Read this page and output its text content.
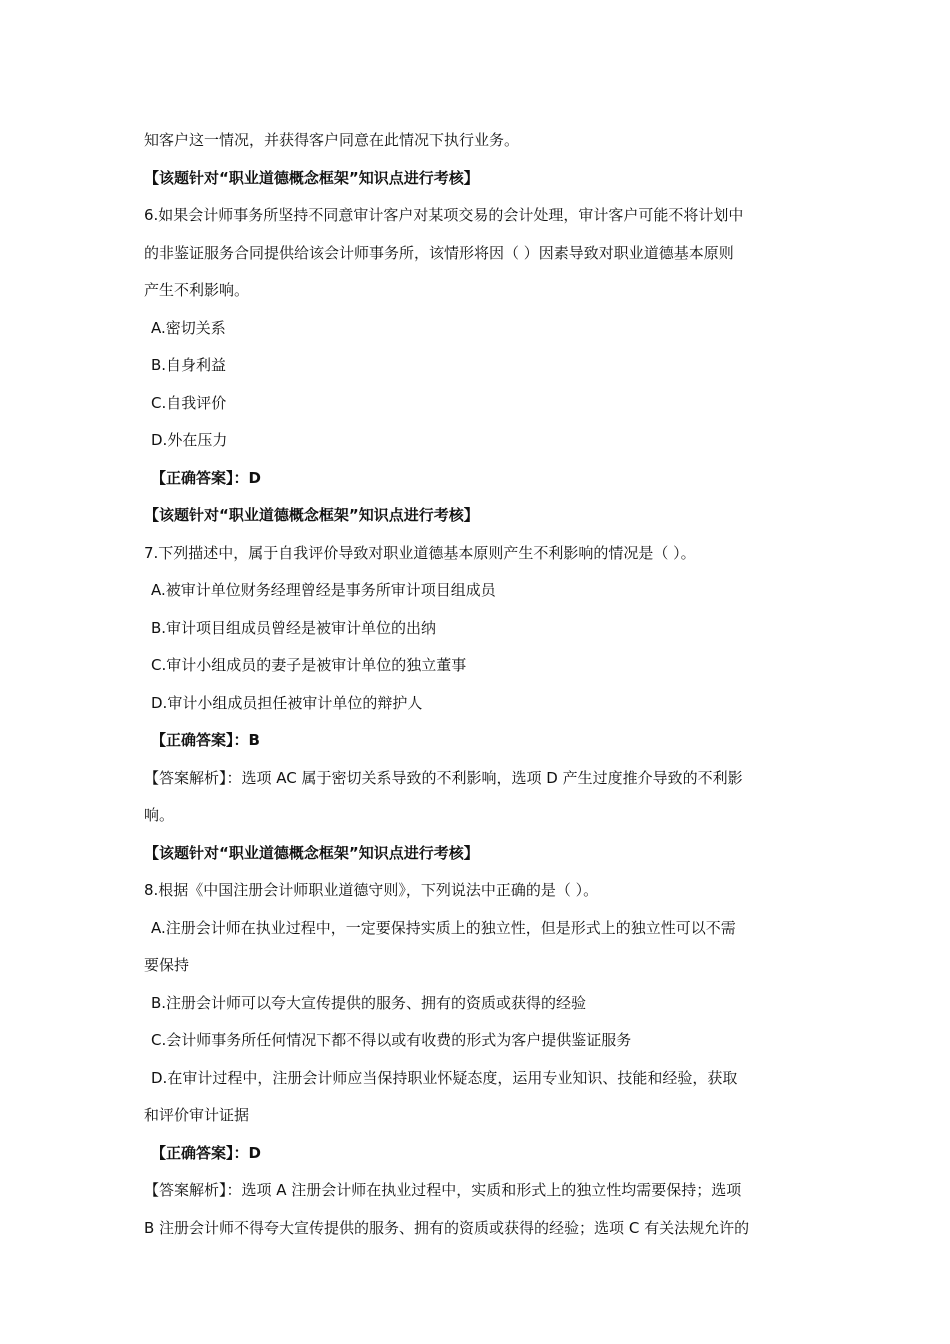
知客户这一情况，并获得客户同意在此情况下执行业务。
【该题针对“职业道德概念框架”知识点进行考核】
6.如果会计师事务所坚持不同意审计客户对某项交易的会计处理，审计客户可能不将计划中
的非鉴证服务合同提供给该会计师事务所，该情形将因（ ）因素导致对职业道德基本原则
产生不利影响。
A.密切关系
B.自身利益
C.自我评价
D.外在压力
【正确答案】：D
【该题针对“职业道德概念框架”知识点进行考核】
7.下列描述中，属于自我评价导致对职业道德基本原则产生不利影响的情况是（ ）。
A.被审计单位财务经理曾经是事务所审计项目组成员
B.审计项目组成员曾经是被审计单位的出纳
C.审计小组成员的妻子是被审计单位的独立董事
D.审计小组成员担任被审计单位的辩护人
【正确答案】：B
【答案解析】：选项 AC 属于密切关系导致的不利影响，选项 D 产生过度推介导致的不利影
响。
【该题针对“职业道德概念框架”知识点进行考核】
8.根据《中国注册会计师职业道德守则》，下列说法中正确的是（ ）。
A.注册会计师在执业过程中，一定要保持实质上的独立性，但是形式上的独立性可以不需
要保持
B.注册会计师可以夸大宣传提供的服务、拥有的资质或获得的经验
C.会计师事务所任何情况下都不得以或有收费的形式为客户提供鉴证服务
D.在审计过程中，注册会计师应当保持职业怀疑态度，运用专业知识、技能和经验，获取
和评价审计证据
【正确答案】：D
【答案解析】：选项 A 注册会计师在执业过程中，实质和形式上的独立性均需要保持；选项
B 注册会计师不得夸大宣传提供的服务、拥有的资质或获得的经验；选项 C 有关法规允许的
